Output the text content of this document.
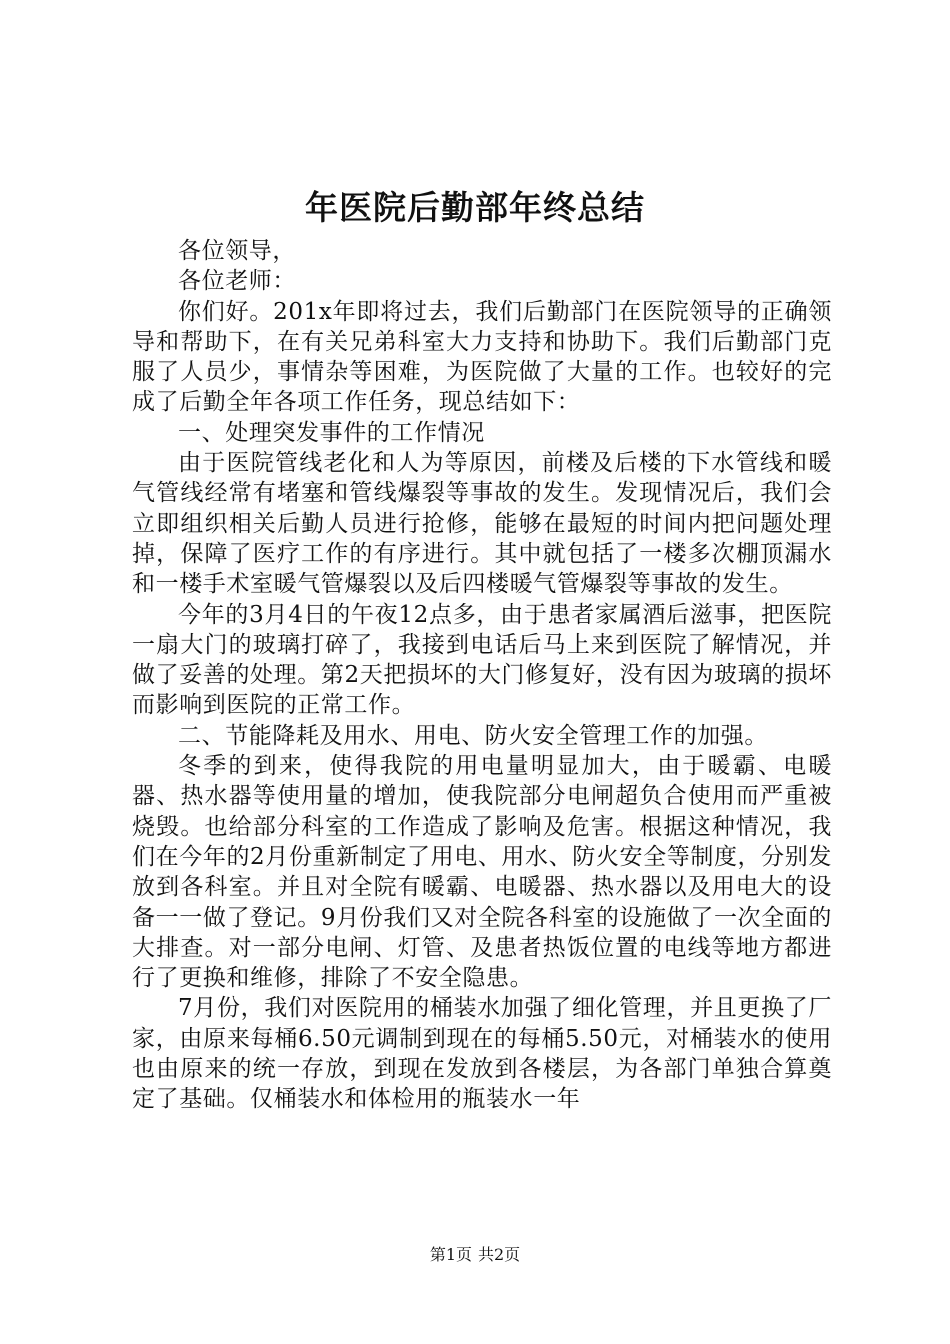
年医院后勤部年终总结

各位领导，

各位老师：

你们好。201x年即将过去，我们后勤部门在医院领导的正确领导和帮助下，在有关兄弟科室大力支持和协助下。我们后勤部门克服了人员少，事情杂等困难，为医院做了大量的工作。也较好的完成了后勤全年各项工作任务，现总结如下：

一、处理突发事件的工作情况

由于医院管线老化和人为等原因，前楼及后楼的下水管线和暖气管线经常有堵塞和管线爆裂等事故的发生。发现情况后，我们会立即组织相关后勤人员进行抢修，能够在最短的时间内把问题处理掉，保障了医疗工作的有序进行。其中就包括了一楼多次棚顶漏水和一楼手术室暖气管爆裂以及后四楼暖气管爆裂等事故的发生。

今年的3月4日的午夜12点多，由于患者家属酒后滋事，把医院一扇大门的玻璃打碎了，我接到电话后马上来到医院了解情况，并做了妥善的处理。第2天把损坏的大门修复好，没有因为玻璃的损坏而影响到医院的正常工作。

二、节能降耗及用水、用电、防火安全管理工作的加强。

冬季的到来，使得我院的用电量明显加大，由于暖霸、电暖器、热水器等使用量的增加，使我院部分电闸超负合使用而严重被烧毁。也给部分科室的工作造成了影响及危害。根据这种情况，我们在今年的2月份重新制定了用电、用水、防火安全等制度，分别发放到各科室。并且对全院有暖霸、电暖器、热水器以及用电大的设备一一做了登记。9月份我们又对全院各科室的设施做了一次全面的大排查。对一部分电闸、灯管、及患者热饭位置的电线等地方都进行了更换和维修，排除了不安全隐患。

7月份，我们对医院用的桶装水加强了细化管理，并且更换了厂家，由原来每桶6.50元调制到现在的每桶5.50元，对桶装水的使用也由原来的统一存放，到现在发放到各楼层，为各部门单独合算奠定了基础。仅桶装水和体检用的瓶装水一年

第1页 共2页
